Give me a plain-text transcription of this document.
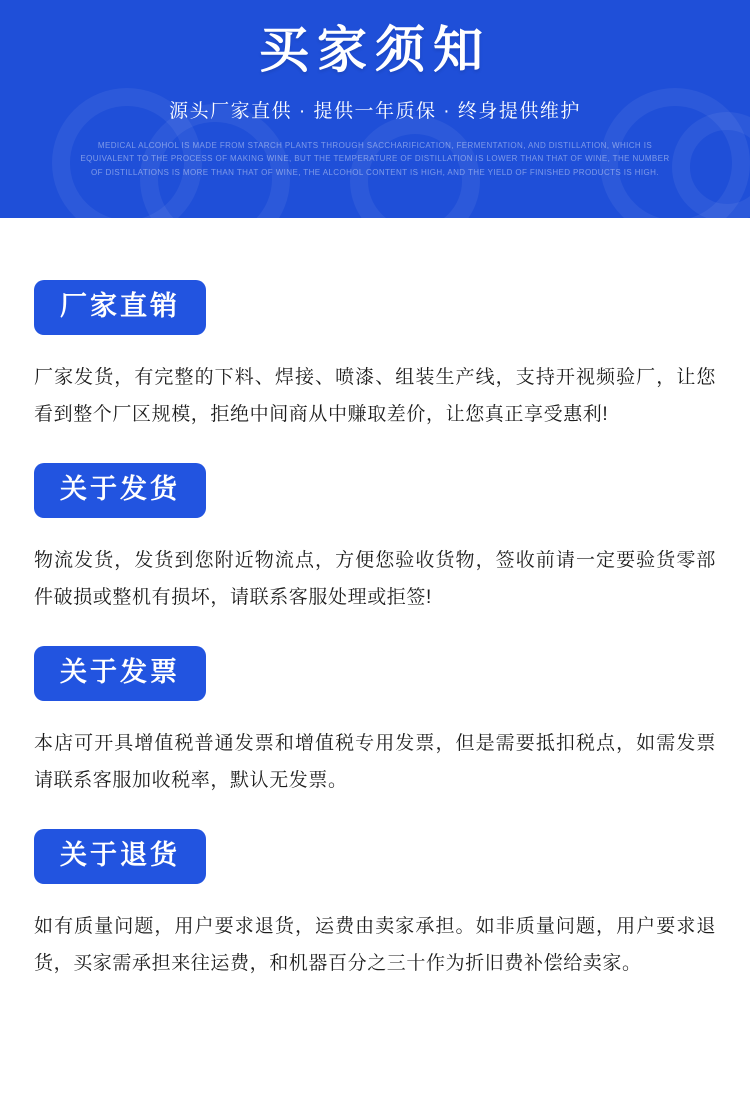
买家须知
源头厂家直供 · 提供一年质保 · 终身提供维护
MEDICAL ALCOHOL IS MADE FROM STARCH PLANTS THROUGH SACCHARIFICATION, FERMENTATION, AND DISTILLATION, WHICH IS EQUIVALENT TO THE PROCESS OF MAKING WINE, BUT THE TEMPERATURE OF DISTILLATION IS LOWER THAN THAT OF WINE, THE NUMBER OF DISTILLATIONS IS MORE THAN THAT OF WINE, THE ALCOHOL CONTENT IS HIGH, AND THE YIELD OF FINISHED PRODUCTS IS HIGH.
厂家直销
厂家发货，有完整的下料、焊接、喷漆、组装生产线，支持开视频验厂，让您看到整个厂区规模，拒绝中间商从中赚取差价，让您真正享受惠利!
关于发货
物流发货，发货到您附近物流点，方便您验收货物，签收前请一定要验货零部件破损或整机有损坏，请联系客服处理或拒签!
关于发票
本店可开具增值税普通发票和增值税专用发票，但是需要抵扣税点，如需发票请联系客服加收税率，默认无发票。
关于退货
如有质量问题，用户要求退货，运费由卖家承担。如非质量问题，用户要求退货，买家需承担来往运费，和机器百分之三十作为折旧费补偿给卖家。
